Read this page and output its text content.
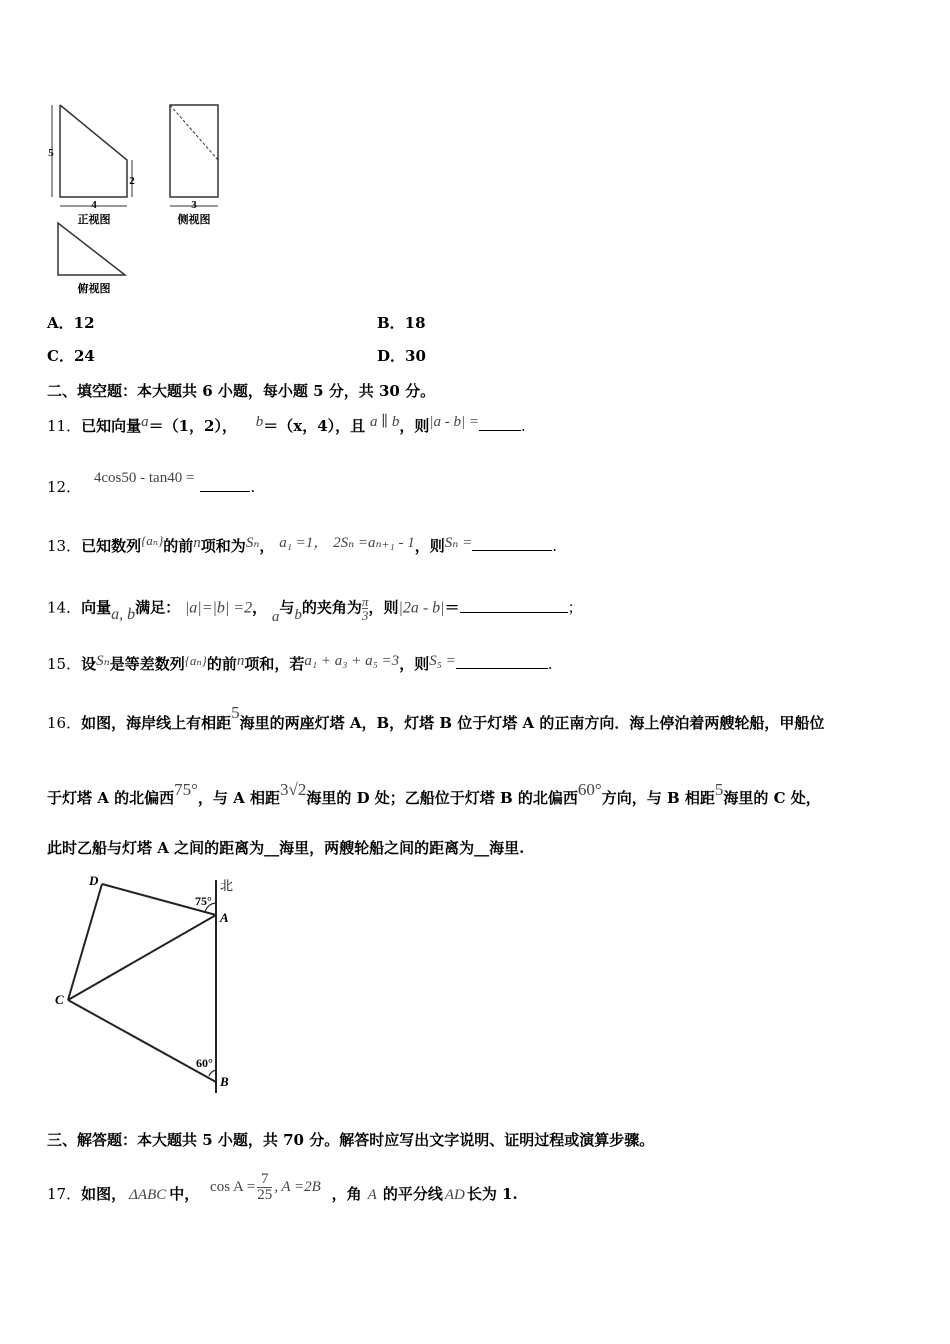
5
4
2
正视图
3
侧视图
俯视图
A．12	B．18
C．24	D．30
二、填空题：本大题共 6 小题，每小题 5 分，共 30 分。
11．已知向量a＝（1，2）， b＝（x，4），且 a ∥ b，则|a - b| =	.
12． 4cos50 - tan40 =	.
13．已知数列{aₙ}的前n项和为Sₙ， a₁ =1， 2Sₙ =aₙ₊₁ - 1，则Sₙ =	.
14．向量a, b满足： |a|=|b| =2， a与b的夹角为 $\frac{\pi}{3}$ ，则|2a - b|＝	；
15．设Sₙ是等差数列{aₙ}的前n项和，若a₁ + a₃ + a₅ =3，则S₅ =	.
16．如图，海岸线上有相距5海里的两座灯塔 A，B，灯塔 B 位于灯塔 A 的正南方向．海上停泊着两艘轮船，甲船位
于灯塔 A 的北偏西75°，与 A 相距3√2海里的 D 处；乙船位于灯塔 B 的北偏西60°方向，与 B 相距5海里的 C 处，
此时乙船与灯塔 A 之间的距离为__海里，两艘轮船之间的距离为__海里.
D
A
C
B
北
75°
60°
三、解答题：本大题共 5 小题，共 70 分。解答时应写出文字说明、证明过程或演算步骤。
17．如图， ΔABC 中， $\cos A = \frac{7}{25}$ , A =2B ，角 A 的平分线 AD 长为 1.
